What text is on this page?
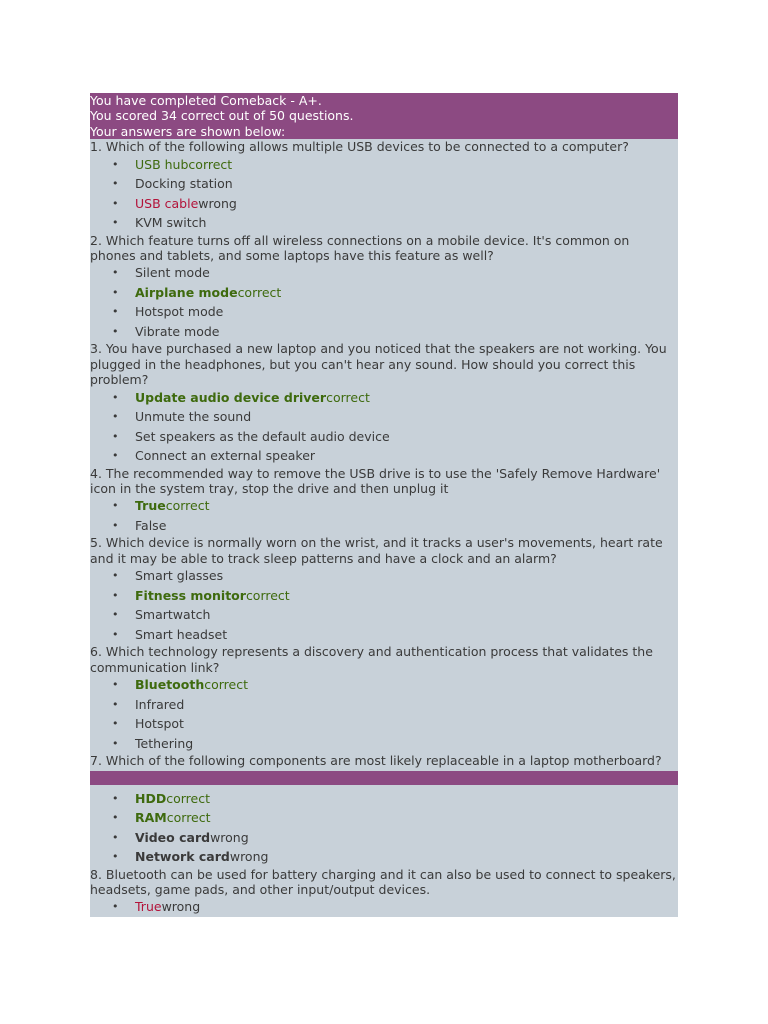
You have completed Comeback - A+.
You scored 34 correct out of 50 questions.
Your answers are shown below:
1. Which of the following allows multiple USB devices to be connected to a computer?
• USB hubcorrect
• Docking station
• USB cablewrong
• KVM switch
2. Which feature turns off all wireless connections on a mobile device. It's common on phones and tablets, and some laptops have this feature as well?
• Silent mode
• Airplane modecorrect
• Hotspot mode
• Vibrate mode
3. You have purchased a new laptop and you noticed that the speakers are not working. You plugged in the headphones, but you can't hear any sound. How should you correct this problem?
• Update audio device drivercorrect
• Unmute the sound
• Set speakers as the default audio device
• Connect an external speaker
4. The recommended way to remove the USB drive is to use the 'Safely Remove Hardware' icon in the system tray, stop the drive and then unplug it
• Truecorrect
• False
5. Which device is normally worn on the wrist, and it tracks a user's movements, heart rate and it may be able to track sleep patterns and have a clock and an alarm?
• Smart glasses
• Fitness monitorcorrect
• Smartwatch
• Smart headset
6. Which technology represents a discovery and authentication process that validates the communication link?
• Bluetoothcorrect
• Infrared
• Hotspot
• Tethering
7. Which of the following components are most likely replaceable in a laptop motherboard?
• HDDcorrect
• RAMcorrect
• Video cardwrong
• Network cardwrong
8. Bluetooth can be used for battery charging and it can also be used to connect to speakers, headsets, game pads, and other input/output devices.
• Truewrong
